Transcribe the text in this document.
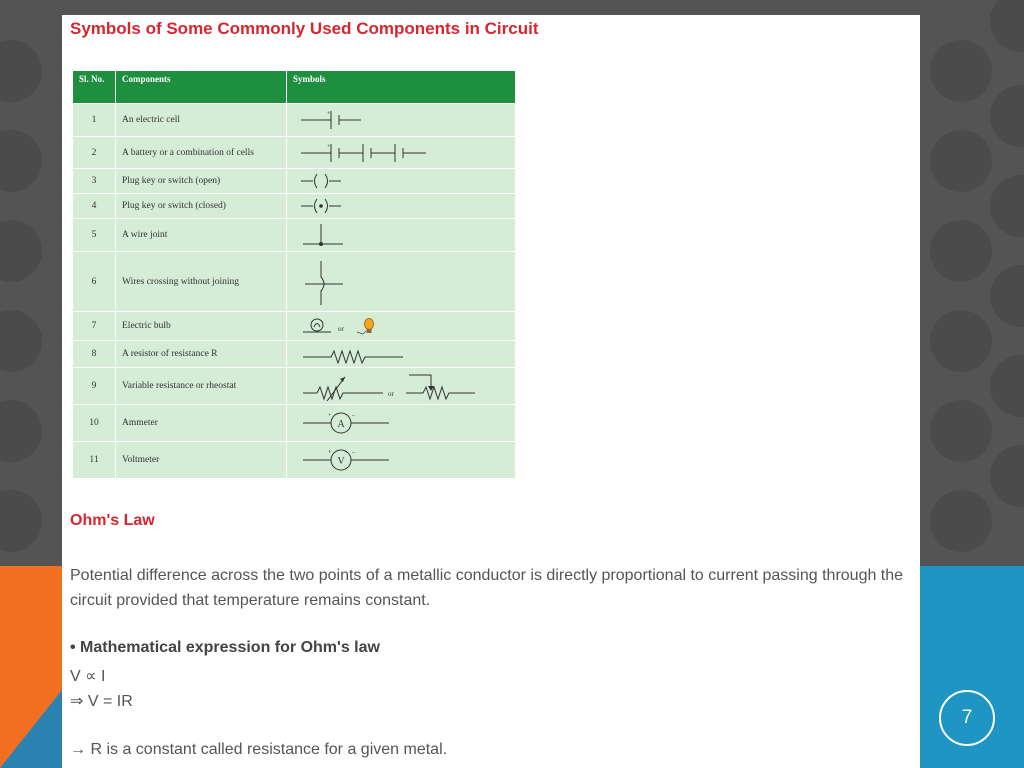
7
Symbols of Some Commonly Used Components in Circuit
Sl. No.	Components	Symbols
1	An electric cell	+

2	A battery or a combination of cells	+

3	Plug key or switch (open)	

4	Plug key or switch (closed)	

5	A wire joint	

6	Wires crossing without joining	

7	Electric bulb	or

8	A resistor of resistance R	

9	Variable resistance or rheostat	or

10	Ammeter	A
+ –

11	Voltmeter	V
+ –
Ohm's Law

Potential difference across the two points of a metallic conductor is directly proportional to current passing through the circuit provided that temperature remains constant.

• Mathematical expression for Ohm's law

V ∝ I

⇒ V = IR

→ R is a constant called resistance for a given metal.
